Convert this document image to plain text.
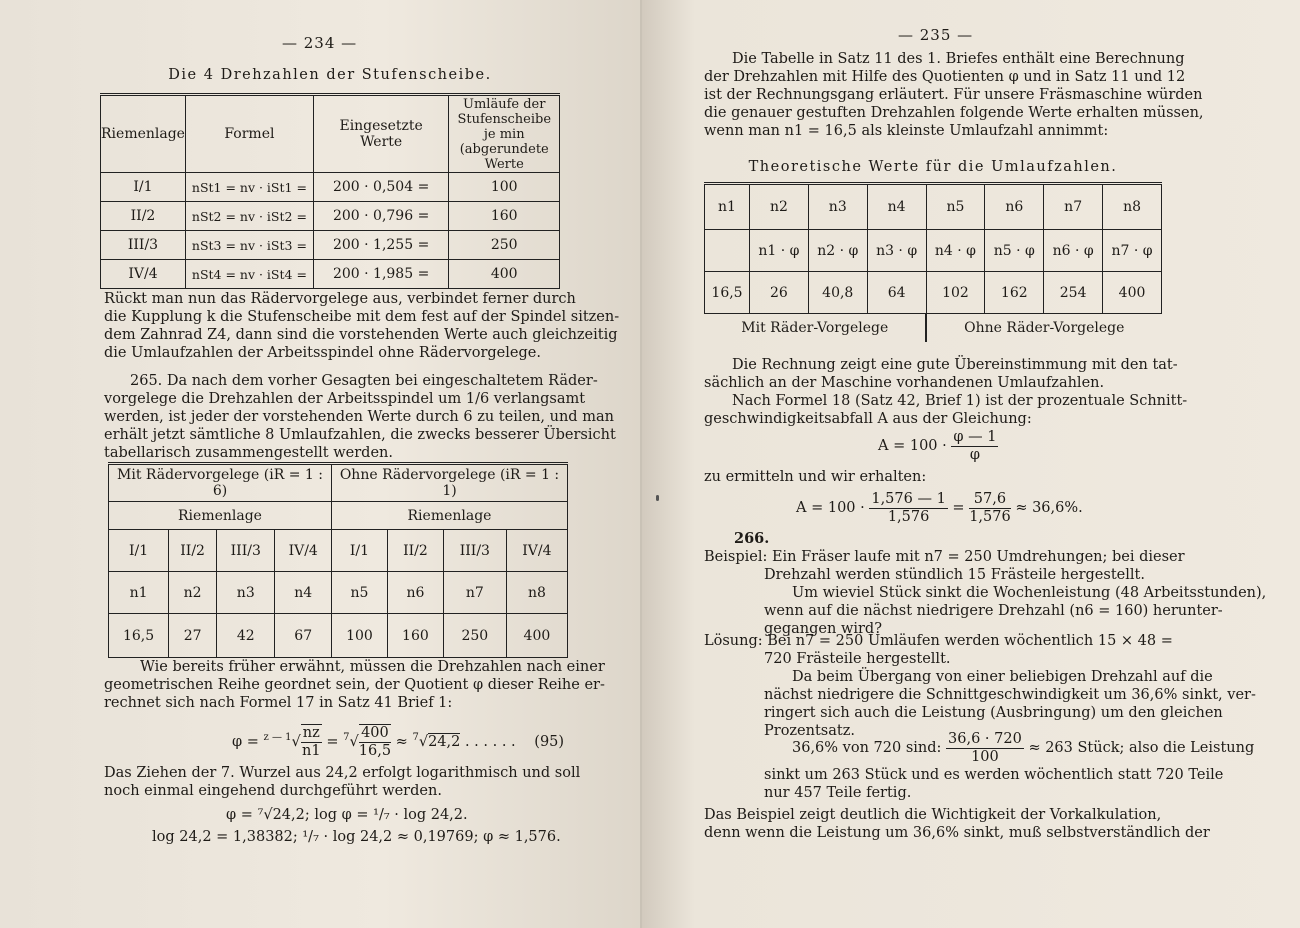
— 234 —
Die 4 Drehzahlen der Stufenscheibe.
Riemenlage	Formel	Eingesetzte Werte	Umläufe der Stufenscheibe je min (abgerundete Werte
I/1	nSt1 = nv · iSt1 =	200 · 0,504 =	100
II/2	nSt2 = nv · iSt2 =	200 · 0,796 =	160
III/3	nSt3 = nv · iSt3 =	200 · 1,255 =	250
IV/4	nSt4 = nv · iSt4 =	200 · 1,985 =	400
Rückt man nun das Rädervorgelege aus, verbindet ferner durch
die Kupplung k die Stufenscheibe mit dem fest auf der Spindel sitzen-
dem Zahnrad Z4, dann sind die vorstehenden Werte auch gleichzeitig
die Umlaufzahlen der Arbeitsspindel ohne Rädervorgelege.
265. Da nach dem vorher Gesagten bei eingeschaltetem Räder-
vorgelege die Drehzahlen der Arbeitsspindel um 1/6 verlangsamt
werden, ist jeder der vorstehenden Werte durch 6 zu teilen, und man
erhält jetzt sämtliche 8 Umlaufzahlen, die zwecks besserer Übersicht
tabellarisch zusammengestellt werden.
Mit Rädervorgelege (iR = 1 : 6)				Ohne Rädervorgelege (iR = 1 : 1)			
Riemenlage				Riemenlage			
I/1	II/2	III/3	IV/4	I/1	II/2	III/3	IV/4
n1	n2	n3	n4	n5	n6	n7	n8
16,5	27	42	67	100	160	250	400
Wie bereits früher erwähnt, müssen die Drehzahlen nach einer
geometrischen Reihe geordnet sein, der Quotient φ dieser Reihe er-
rechnet sich nach Formel 17 in Satz 41 Brief 1:
$\varphi = ^{z — 1}√ \frac{nz}{n1} = ^7√ \frac{400}{16,5} \approx ^7√24,2$ . . . . . . (95)
Das Ziehen der 7. Wurzel aus 24,2 erfolgt logarithmisch und soll
noch einmal eingehend durchgeführt werden.
φ = ⁷√24,2; log φ = ¹/₇ · log 24,2.
log 24,2 = 1,38382; ¹/₇ · log 24,2 ≈ 0,19769; φ ≈ 1,576.
— 235 —
Die Tabelle in Satz 11 des 1. Briefes enthält eine Berechnung
der Drehzahlen mit Hilfe des Quotienten φ und in Satz 11 und 12
ist der Rechnungsgang erläutert. Für unsere Fräsmaschine würden
die genauer gestuften Drehzahlen folgende Werte erhalten müssen,
wenn man n1 = 16,5 als kleinste Umlaufzahl annimmt:
Theoretische Werte für die Umlaufzahlen.
n1	n2	n3	n4	n5	n6	n7	n8
	n1 · φ	n2 · φ	n3 · φ	n4 · φ	n5 · φ	n6 · φ	n7 · φ
16,5	26	40,8	64	102	162	254	400
Mit Räder-Vorgelege				Ohne Räder-Vorgelege			
Die Rechnung zeigt eine gute Übereinstimmung mit den tat-
sächlich an der Maschine vorhandenen Umlaufzahlen.
Nach Formel 18 (Satz 42, Brief 1) ist der prozentuale Schnitt-
geschwindigkeitsabfall A aus der Gleichung:
$A = 100 \cdot \frac{\varphi — 1}{\varphi}$
zu ermitteln und wir erhalten:
$A = 100 \cdot \frac{1,576 — 1}{1,576} = \frac{57,6}{1,576} \approx 36,6\%$.
266.
Beispiel: Ein Fräser laufe mit n7 = 250 Umdrehungen; bei dieser
Drehzahl werden stündlich 15 Frästeile hergestellt.
Um wieviel Stück sinkt die Wochenleistung (48 Arbeitsstunden),
wenn auf die nächst niedrigere Drehzahl (n6 = 160) herunter-
gegangen wird?
Lösung: Bei n7 = 250 Umläufen werden wöchentlich 15 × 48 =
720 Frästeile hergestellt.
Da beim Übergang von einer beliebigen Drehzahl auf die
nächst niedrigere die Schnittgeschwindigkeit um 36,6% sinkt, ver-
ringert sich auch die Leistung (Ausbringung) um den gleichen
Prozentsatz.
36,6% von 720 sind: $\frac{36,6 \cdot 720}{100} \approx 263$ Stück; also die Leistung
sinkt um 263 Stück und es werden wöchentlich statt 720 Teile
nur 457 Teile fertig.
Das Beispiel zeigt deutlich die Wichtigkeit der Vorkalkulation,
denn wenn die Leistung um 36,6% sinkt, muß selbstverständlich der
